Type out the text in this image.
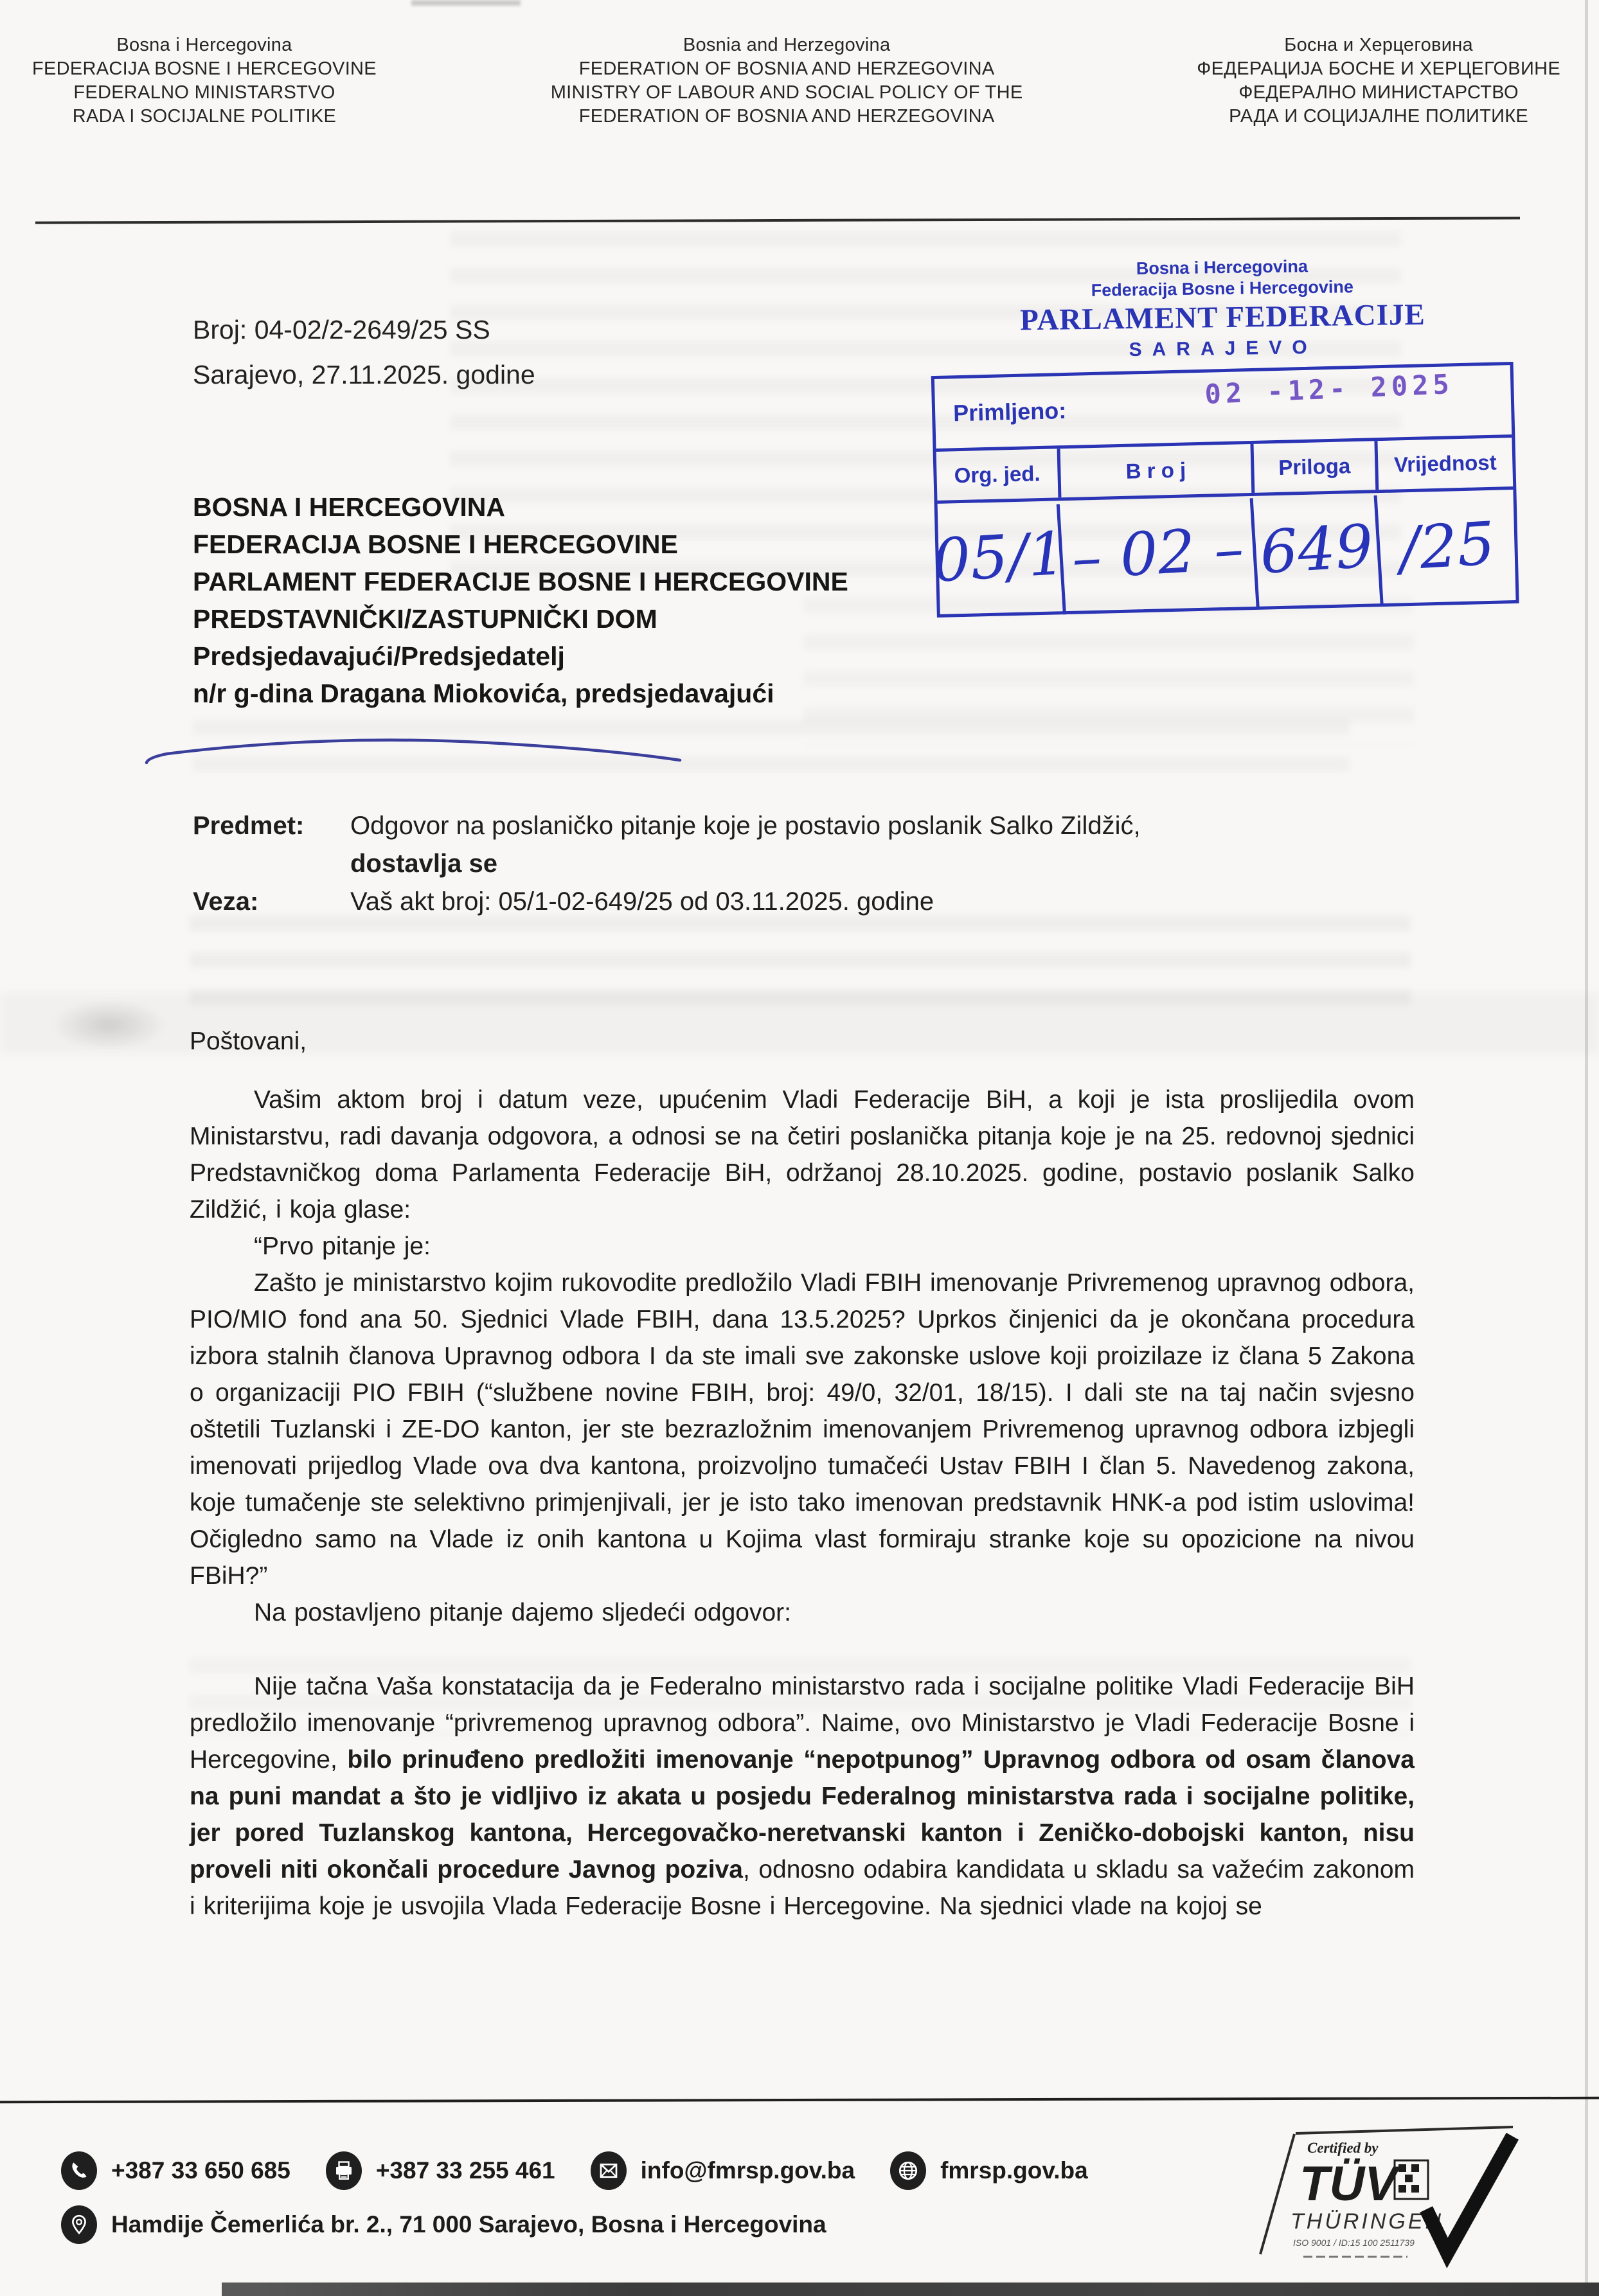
Bosna i Hercegovina
FEDERACIJA BOSNE I HERCEGOVINE
FEDERALNO MINISTARSTVO
RADA I SOCIJALNE POLITIKE
Bosnia and Herzegovina
FEDERATION OF BOSNIA AND HERZEGOVINA
MINISTRY OF LABOUR AND SOCIAL POLICY OF THE
FEDERATION OF BOSNIA AND HERZEGOVINA
Босна и Херцеговина
ФЕДЕРАЦИЈА БОСНЕ И ХЕРЦЕГОВИНЕ
ФЕДЕРАЛНО МИНИСТАРСТВО
РАДА И СОЦИЈАЛНЕ ПОЛИТИКЕ
Broj: 04-02/2-2649/25 SS
Sarajevo, 27.11.2025. godine
Bosna i Hercegovina
Federacija Bosne i Hercegovine
PARLAMENT FEDERACIJE
SARAJEVO
Primljeno:
02 -12- 2025
Org. jed.	B r o j	Priloga	Vrijednost
05/1 – 02 – 649 /25
BOSNA I HERCEGOVINA
FEDERACIJA BOSNE I HERCEGOVINE
PARLAMENT FEDERACIJE BOSNE I HERCEGOVINE
PREDSTAVNIČKI/ZASTUPNIČKI DOM
Predsjedavajući/Predsjedatelj
n/r g-dina Dragana Miokovića, predsjedavajući
Predmet:	Odgovor na poslaničko pitanje koje je postavio poslanik Salko Zildžić,
dostavlja se
Veza:	Vaš akt broj: 05/1-02-649/25 od 03.11.2025. godine

Poštovani,

Vašim aktom broj i datum veze, upućenim Vladi Federacije BiH, a koji je ista proslijedila ovom Ministarstvu, radi davanja odgovora, a odnosi se na četiri poslanička pitanja koje je na 25. redovnoj sjednici Predstavničkog doma Parlamenta Federacije BiH, održanoj 28.10.2025. godine, postavio poslanik Salko Zildžić, i koja glase:

“Prvo pitanje je:

Zašto je ministarstvo kojim rukovodite predložilo Vladi FBIH imenovanje Privremenog upravnog odbora, PIO/MIO fond ana 50. Sjednici Vlade FBIH, dana 13.5.2025? Uprkos činjenici da je okončana procedura izbora stalnih članova Upravnog odbora I da ste imali sve zakonske uslove koji proizilaze iz člana 5 Zakona o organizaciji PIO FBIH (“službene novine FBIH, broj: 49/0, 32/01, 18/15). I dali ste na taj način svjesno oštetili Tuzlanski i ZE-DO kanton, jer ste bezrazložnim imenovanjem Privremenog upravnog odbora izbjegli imenovati prijedlog Vlade ova dva kantona, proizvoljno tumačeći Ustav FBIH I član 5. Navedenog zakona, koje tumačenje ste selektivno primjenjivali, jer je isto tako imenovan predstavnik HNK-a pod istim uslovima! Očigledno samo na Vlade iz onih kantona u Kojima vlast formiraju stranke koje su opozicione na nivou FBiH?”

Na postavljeno pitanje dajemo sljedeći odgovor:

Nije tačna Vaša konstatacija da je Federalno ministarstvo rada i socijalne politike Vladi Federacije BiH predložilo imenovanje “privremenog upravnog odbora”. Naime, ovo Ministarstvo je Vladi Federacije Bosne i Hercegovine, bilo prinuđeno predložiti imenovanje “nepotpunog” Upravnog odbora od osam članova na puni mandat a što je vidljivo iz akata u posjedu Federalnog ministarstva rada i socijalne politike, jer pored Tuzlanskog kantona, Hercegovačko-neretvanski kanton i Zeničko-dobojski kanton, nisu proveli niti okončali procedure Javnog poziva, odnosno odabira kandidata u skladu sa važećim zakonom i kriterijima koje je usvojila Vlada Federacije Bosne i Hercegovine. Na sjednici vlade na kojoj se

+387 33 650 685	+387 33 255 461	info@fmrsp.gov.ba	fmrsp.gov.ba
Hamdije Čemerlića br. 2., 71 000 Sarajevo, Bosna i Hercegovina
Certified by
TÜV
THÜRINGEN
ISO 9001 / ID:15 100 2511739
